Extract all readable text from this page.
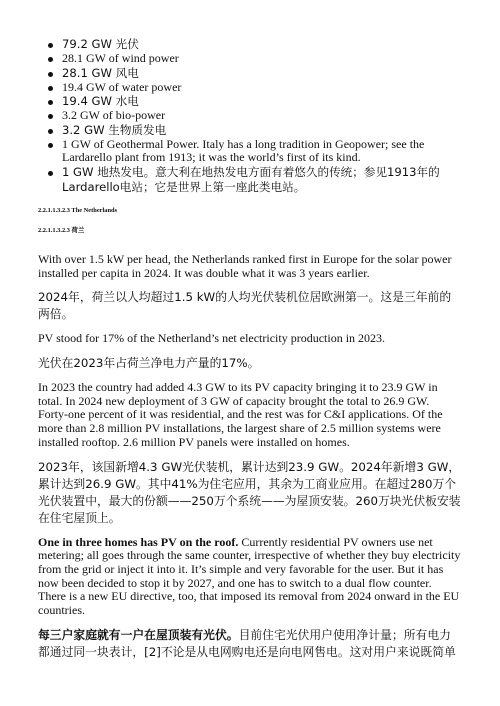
79.2 GW 光伏
28.1 GW of wind power
28.1 GW 风电
19.4 GW of water power
19.4 GW 水电
3.2 GW of bio-power
3.2 GW 生物质发电
1 GW of Geothermal Power. Italy has a long tradition in Geopower; see the Lardarello plant from 1913; it was the world’s first of its kind.
1 GW 地热发电。意大利在地热发电方面有着悠久的传统；参见1913年的Lardarello电站；它是世界上第一座此类电站。
2.2.1.1.3.2.3 The Netherlands
2.2.1.1.3.2.3 荷兰

With over 1.5 kW per head, the Netherlands ranked first in Europe for the solar power installed per capita in 2024. It was double what it was 3 years earlier.

2024年，荷兰以人均超过1.5 kW的人均光伏装机位居欧洲第一。这是三年前的两倍。

PV stood for 17% of the Netherland’s net electricity production in 2023.

光伏在2023年占荷兰净电力产量的17%。

In 2023 the country had added 4.3 GW to its PV capacity bringing it to 23.9 GW in total. In 2024 new deployment of 3 GW of capacity brought the total to 26.9 GW. Forty-one percent of it was residential, and the rest was for C&I applications. Of the more than 2.8 million PV installations, the largest share of 2.5 million systems were installed rooftop. 2.6 million PV panels were installed on homes.

2023年，该国新增4.3 GW光伏装机，累计达到23.9 GW。2024年新增3 GW，累计达到26.9 GW。其中41%为住宅应用，其余为工商业应用。在超过280万个光伏装置中，最大的份额——250万个系统——为屋顶安装。260万块光伏板安装在住宅屋顶上。

One in three homes has PV on the roof. Currently residential PV owners use net metering; all goes through the same counter, irrespective of whether they buy electricity from the grid or inject it into it. It’s simple and very favorable for the user. But it has now been decided to stop it by 2027, and one has to switch to a dual flow counter. There is a new EU directive, too, that imposed its removal from 2024 onward in the EU countries.

每三户家庭就有一户在屋顶装有光伏。目前住宅光伏用户使用净计量；所有电力都通过同一块表计，[2]不论是从电网购电还是向电网售电。这对用户来说既简单
